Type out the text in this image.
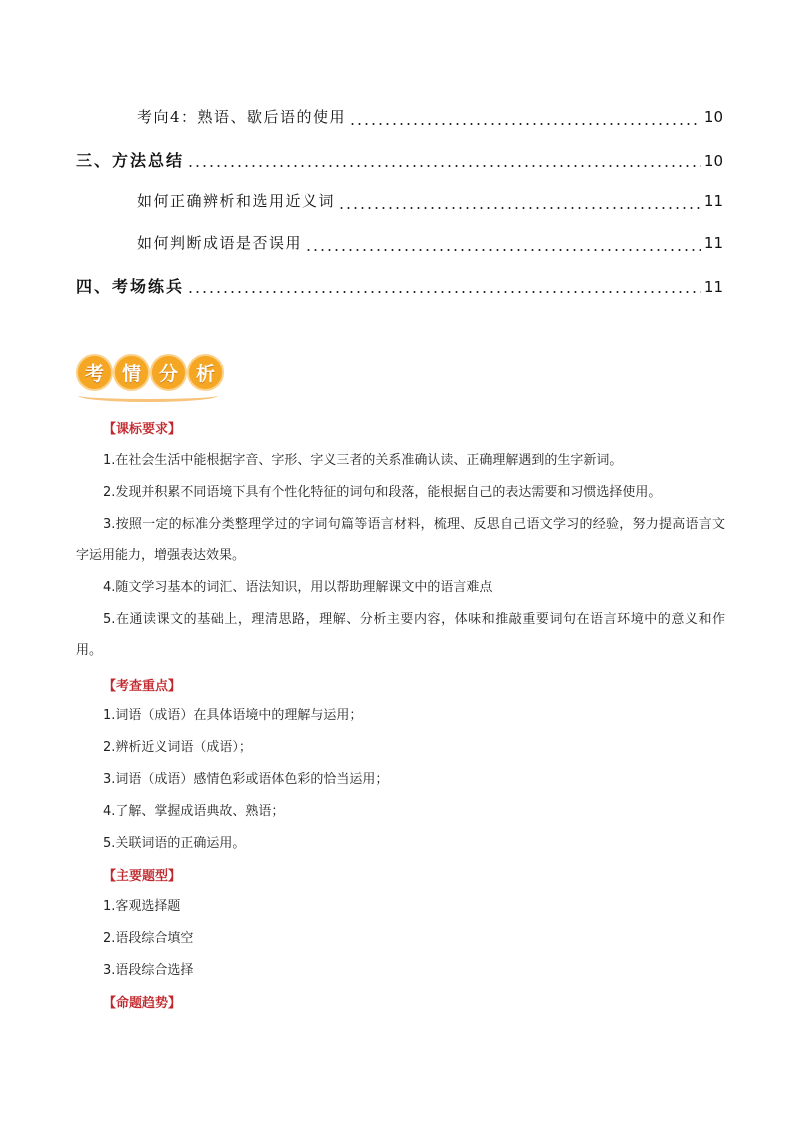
考向4：熟语、歇后语的使用	10
三、方法总结	10
如何正确辨析和选用近义词	11
如何判断成语是否误用	11
四、考场练兵	11
考 情 分 析
【课标要求】
1.在社会生活中能根据字音、字形、字义三者的关系准确认读、正确理解遇到的生字新词。
2.发现并积累不同语境下具有个性化特征的词句和段落，能根据自己的表达需要和习惯选择使用。
3.按照一定的标准分类整理学过的字词句篇等语言材料，梳理、反思自己语文学习的经验，努力提高语言文字运用能力，增强表达效果。
4.随文学习基本的词汇、语法知识，用以帮助理解课文中的语言难点
5.在通读课文的基础上，理清思路，理解、分析主要内容，体味和推敲重要词句在语言环境中的意义和作用。
【考查重点】
1.词语（成语）在具体语境中的理解与运用；
2.辨析近义词语（成语）；
3.词语（成语）感情色彩或语体色彩的恰当运用；
4.了解、掌握成语典故、熟语；
5.关联词语的正确运用。
【主要题型】
1.客观选择题
2.语段综合填空
3.语段综合选择
【命题趋势】
